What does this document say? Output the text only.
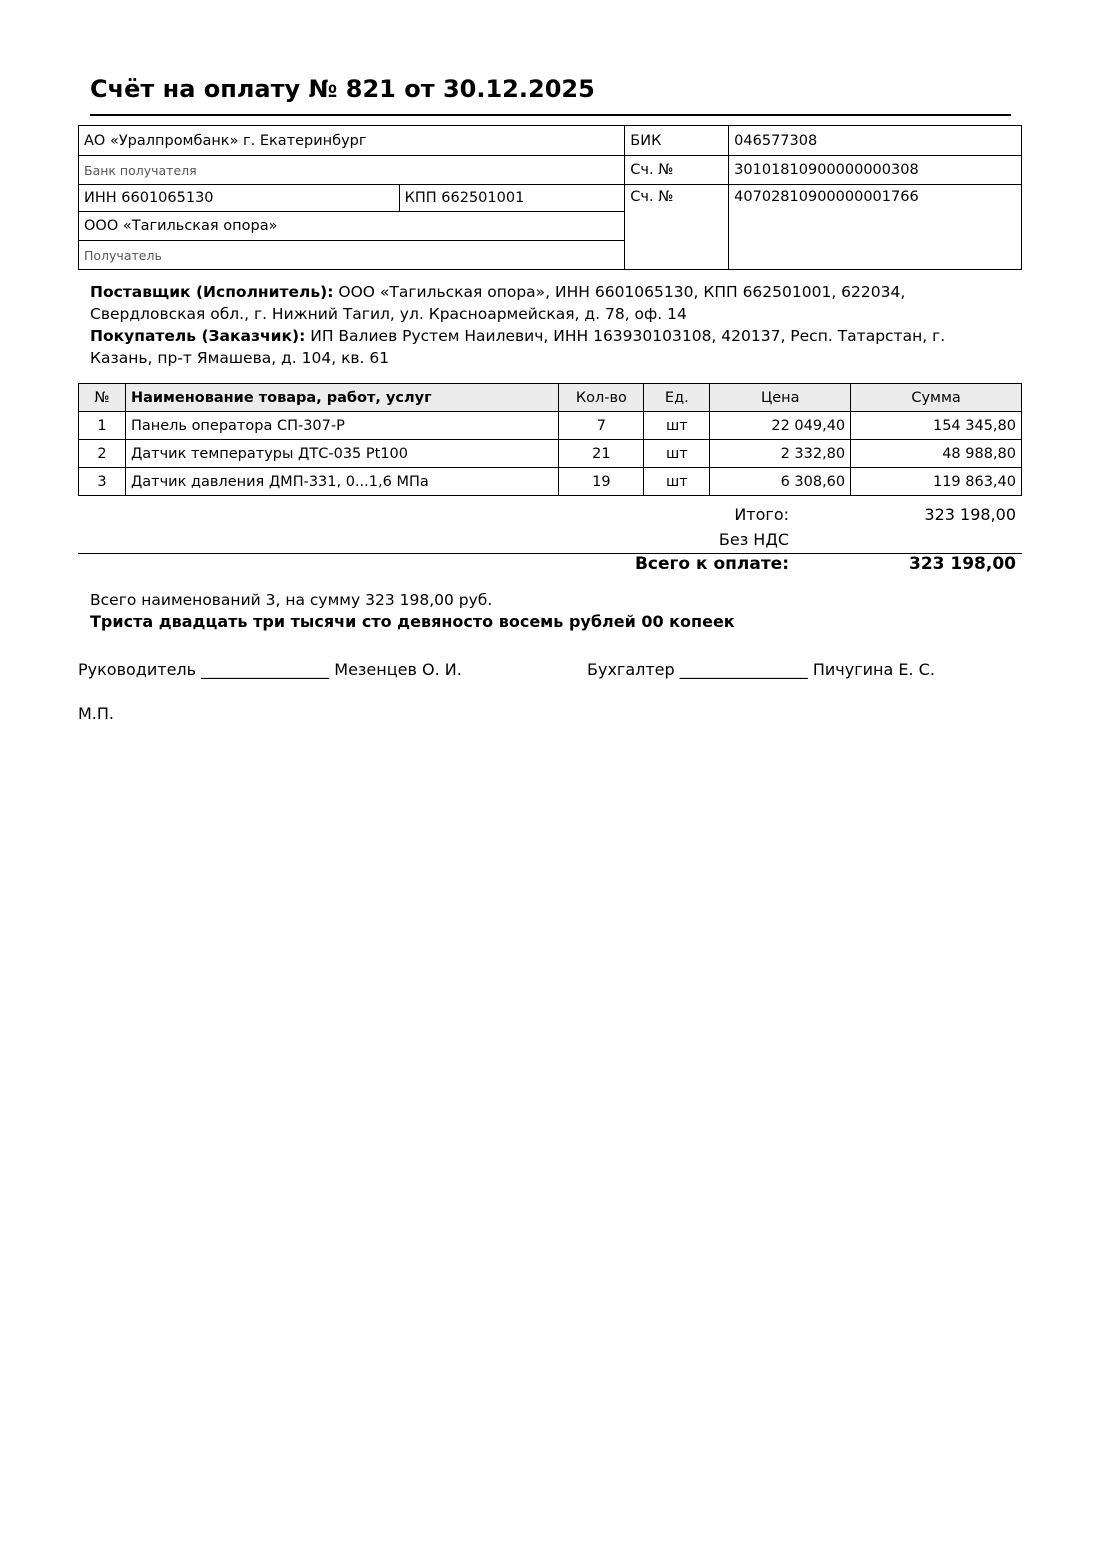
Счёт на оплату № 821 от 30.12.2025
АО «Уралпромбанк» г. Екатеринбург		БИК	046577308
Банк получателя		Сч. №	30101810900000000308
ИНН 6601065130	КПП 662501001	Сч. №	40702810900000001766
ООО «Тагильская опора»			
Получатель			

Поставщик (Исполнитель): ООО «Тагильская опора», ИНН 6601065130, КПП 662501001, 622034, Свердловская обл., г. Нижний Тагил, ул. Красноармейская, д. 78, оф. 14

Покупатель (Заказчик): ИП Валиев Рустем Наилевич, ИНН 163930103108, 420137, Респ. Татарстан, г. Казань, пр-т Ямашева, д. 104, кв. 61

№	Наименование товара, работ, услуг	Кол-во	Ед.	Цена	Сумма
1	Панель оператора СП-307-Р	7	шт	22 049,40	154 345,80
2	Датчик температуры ДТС-035 Pt100	21	шт	2 332,80	48 988,80
3	Датчик давления ДМП-331, 0...1,6 МПа	19	шт	6 308,60	119 863,40
Итого:	323 198,00
Без НДС
Всего к оплате:	323 198,00

Всего наименований 3, на сумму 323 198,00 руб.

Триста двадцать три тысячи сто девяносто восемь рублей 00 копеек

Руководитель ________________ Мезенцев О. И.	Бухгалтер ________________ Пичугина Е. С.
М.П.
